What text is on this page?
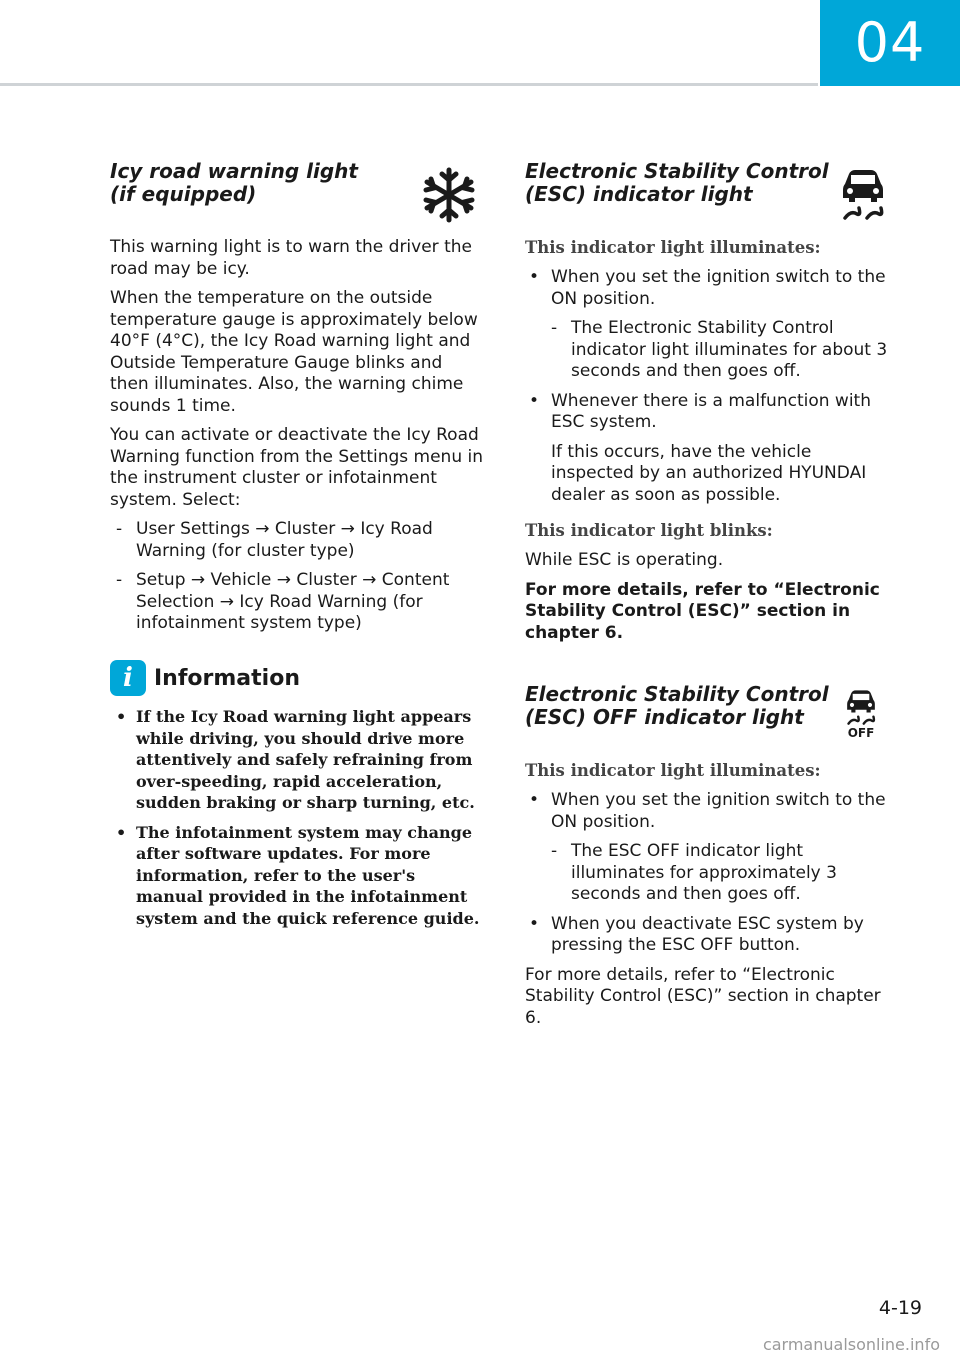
04

Icy road warning light

(if equipped)

This warning light is to warn the driver the road may be icy.

When the temperature on the outside temperature gauge is approximately below 40°F (4°C), the Icy Road warning light and Outside Temperature Gauge blinks and then illuminates. Also, the warning chime sounds 1 time.

You can activate or deactivate the Icy Road Warning function from the Settings menu in the instrument cluster or infotainment system. Select:

- User Settings → Cluster → Icy Road Warning (for cluster type)

- Setup → Vehicle → Cluster → Content Selection → Icy Road Warning (for infotainment system type)

i Information

• If the Icy Road warning light appears while driving, you should drive more attentively and safely refraining from over-speeding, rapid acceleration, sudden braking or sharp turning, etc.

• The infotainment system may change after software updates. For more information, refer to the user's manual provided in the infotainment system and the quick reference guide.

Electronic Stability Control

(ESC) indicator light

This indicator light illuminates:

• When you set the ignition switch to the ON position.

- The Electronic Stability Control indicator light illuminates for about 3 seconds and then goes off.

• Whenever there is a malfunction with ESC system.

If this occurs, have the vehicle inspected by an authorized HYUNDAI dealer as soon as possible.

This indicator light blinks:

While ESC is operating.

For more details, refer to “Electronic Stability Control (ESC)” section in chapter 6.

Electronic Stability Control

(ESC) OFF indicator light

OFF

This indicator light illuminates:

• When you set the ignition switch to the ON position.

- The ESC OFF indicator light illuminates for approximately 3 seconds and then goes off.

• When you deactivate ESC system by pressing the ESC OFF button.

For more details, refer to “Electronic Stability Control (ESC)” section in chapter 6.

4-19
carmanualsonline.info
